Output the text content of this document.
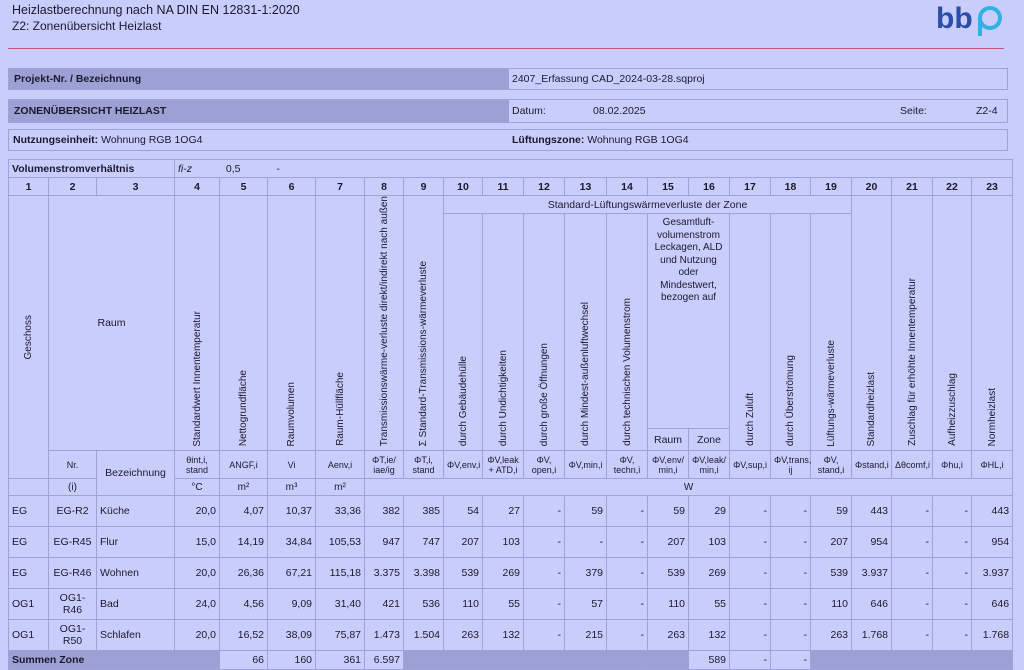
Heizlastberechnung nach NA DIN EN 12831-1:2020
Z2: Zonenübersicht Heizlast	bb
Projekt-Nr. / Bezeichnung	2407_Erfassung CAD_2024-03-28.sqproj
ZONENÜBERSICHT HEIZLAST	Datum:	08.02.2025	Seite:	Z2-4
Nutzungseinheit:
Wohnung RGB 1OG4	Lüftungszone:
Wohnung RGB 1OG4
Volumenstromverhältnis			fi-z 0,5 -																			
1	2	3	4	5	6	7	8	9	10	11	12	13	14	15	16	17	18	19	20	21	22	23

Geschoss	Raum		Standardwert Innentemperatur	Nettogrundfläche	Raumvolumen	Raum-Hüllfläche	Transmissionswärme-verluste direkt/indirekt nach außen	Σ Standard-Transmissions-wärmeverluste	Standard-Lüftungswärmeverluste der Zone										Standardheizlast	Zuschlag für erhöhte Innentemperatur	Aufheizzuschlag	Normheizlast

									durch Gebäudehülle	durch Undichtigkeiten	durch große Öffnungen	durch Mindest-außenluftwechsel	durch technischen Volumenstrom	Gesamtluft-volumenstrom Leckagen, ALD und Nutzung oder Mindestwert, bezogen auf		durch Zuluft	durch Überströmung	Lüftungs-wärmeverluste				

														Raum	Zone							
	Nr.	Bezeichnung	θint,i, stand	ANGF,i	Vi	Aenv,i	ΦT,ie/ iae/ig	ΦT,i, stand	ΦV,env,i	ΦV,leak + ATD,i	ΦV, open,i	ΦV,min,i	ΦV, techn,i	ΦV,env/ min,i	ΦV,leak/ min,i	ΦV,sup,i	ΦV,trans, ij	ΦV, stand,i	Φstand,i	Δθcomf,i	Φhu,i	ΦHL,i
	(i)		°C	m²	m³	m²	W															
EG	EG-R2	Küche	20,0	4,07	10,37	33,36	382	385	54	27	-	59	-	59	29	-	-	59	443	-	-	443
EG	EG-R45	Flur	15,0	14,19	34,84	105,53	947	747	207	103	-	-	-	207	103	-	-	207	954	-	-	954
EG	EG-R46	Wohnen	20,0	26,36	67,21	115,18	3.375	3.398	539	269	-	379	-	539	269	-	-	539	3.937	-	-	3.937
OG1	OG1-R46	Bad	24,0	4,56	9,09	31,40	421	536	110	55	-	57	-	110	55	-	-	110	646	-	-	646
OG1	OG1-R50	Schlafen	20,0	16,52	38,09	75,87	1.473	1.504	263	132	-	215	-	263	132	-	-	263	1.768	-	-	1.768
Summen Zone				66	160	361	6.597								589	-	-					
